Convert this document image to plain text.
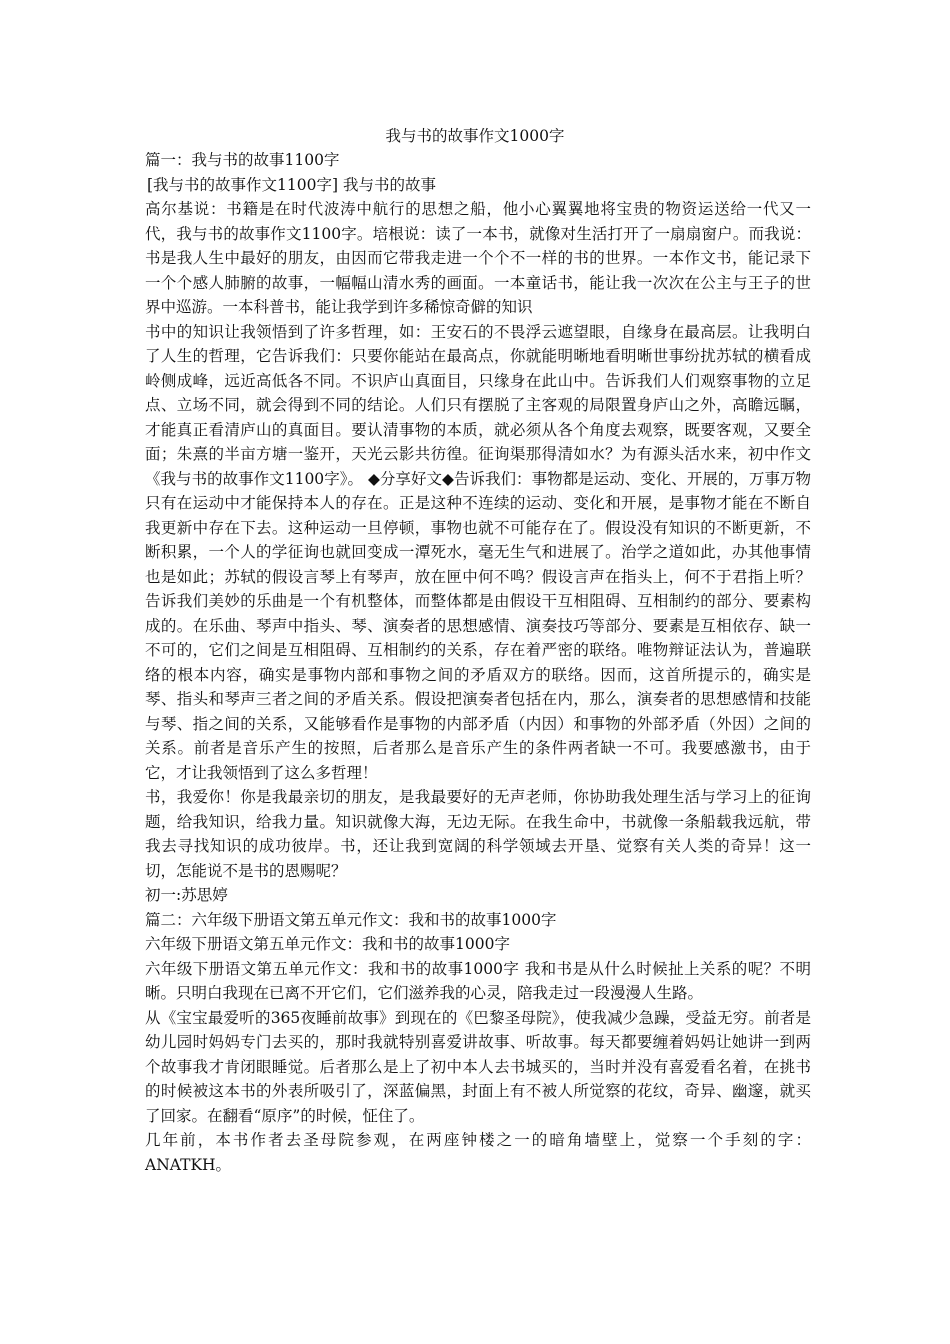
我与书的故事作文1000字

篇一：我与书的故事1100字

[我与书的故事作文1100字] 我与书的故事

高尔基说：书籍是在时代波涛中航行的思想之船，他小心翼翼地将宝贵的物资运送给一代又一代，我与书的故事作文1100字。培根说：读了一本书，就像对生活打开了一扇扇窗户。而我说：书是我人生中最好的朋友，由因而它带我走进一个个不一样的书的世界。一本作文书，能记录下一个个感人肺腑的故事，一幅幅山清水秀的画面。一本童话书，能让我一次次在公主与王子的世界中巡游。一本科普书，能让我学到许多稀惊奇僻的知识

书中的知识让我领悟到了许多哲理，如：王安石的不畏浮云遮望眼，自缘身在最高层。让我明白了人生的哲理，它告诉我们：只要你能站在最高点，你就能明晰地看明晰世事纷扰苏轼的横看成岭侧成峰，远近高低各不同。不识庐山真面目，只缘身在此山中。告诉我们人们观察事物的立足点、立场不同，就会得到不同的结论。人们只有摆脱了主客观的局限置身庐山之外，高瞻远瞩，才能真正看清庐山的真面目。要认清事物的本质，就必须从各个角度去观察，既要客观，又要全面；朱熹的半亩方塘一鉴开，天光云影共彷徨。征询渠那得清如水？为有源头活水来，初中作文《我与书的故事作文1100字》。 ◆分享好文◆告诉我们：事物都是运动、变化、开展的，万事万物只有在运动中才能保持本人的存在。正是这种不连续的运动、变化和开展，是事物才能在不断自我更新中存在下去。这种运动一旦停顿，事物也就不可能存在了。假设没有知识的不断更新，不断积累，一个人的学征询也就回变成一潭死水，毫无生气和进展了。治学之道如此，办其他事情也是如此；苏轼的假设言琴上有琴声，放在匣中何不鸣？假设言声在指头上，何不于君指上听？告诉我们美妙的乐曲是一个有机整体，而整体都是由假设干互相阻碍、互相制约的部分、要素构成的。在乐曲、琴声中指头、琴、演奏者的思想感情、演奏技巧等部分、要素是互相依存、缺一不可的，它们之间是互相阻碍、互相制约的关系，存在着严密的联络。唯物辩证法认为，普遍联络的根本内容，确实是事物内部和事物之间的矛盾双方的联络。因而，这首所提示的，确实是琴、指头和琴声三者之间的矛盾关系。假设把演奏者包括在内，那么，演奏者的思想感情和技能与琴、指之间的关系，又能够看作是事物的内部矛盾（内因）和事物的外部矛盾（外因）之间的关系。前者是音乐产生的按照，后者那么是音乐产生的条件两者缺一不可。我要感激书，由于它，才让我领悟到了这么多哲理！

书，我爱你！你是我最亲切的朋友，是我最要好的无声老师，你协助我处理生活与学习上的征询题，给我知识，给我力量。知识就像大海，无边无际。在我生命中，书就像一条船载我远航，带我去寻找知识的成功彼岸。书，还让我到宽阔的科学领域去开垦、觉察有关人类的奇异！这一切，怎能说不是书的恩赐呢？

初一:苏思婷

篇二：六年级下册语文第五单元作文：我和书的故事1000字

六年级下册语文第五单元作文：我和书的故事1000字

六年级下册语文第五单元作文：我和书的故事1000字 我和书是从什么时候扯上关系的呢？不明晰。只明白我现在已离不开它们，它们滋养我的心灵，陪我走过一段漫漫人生路。

从《宝宝最爱听的365夜睡前故事》到现在的《巴黎圣母院》，使我减少急躁，受益无穷。前者是幼儿园时妈妈专门去买的，那时我就特别喜爱讲故事、听故事。每天都要缠着妈妈让她讲一到两个故事我才肯闭眼睡觉。后者那么是上了初中本人去书城买的，当时并没有喜爱看名着，在挑书的时候被这本书的外表所吸引了，深蓝偏黑，封面上有不被人所觉察的花纹，奇异、幽邃，就买了回家。在翻看“原序”的时候，怔住了。

几年前，本书作者去圣母院参观，在两座钟楼之一的暗角墙壁上，觉察一个手刻的字：ANATKH。
